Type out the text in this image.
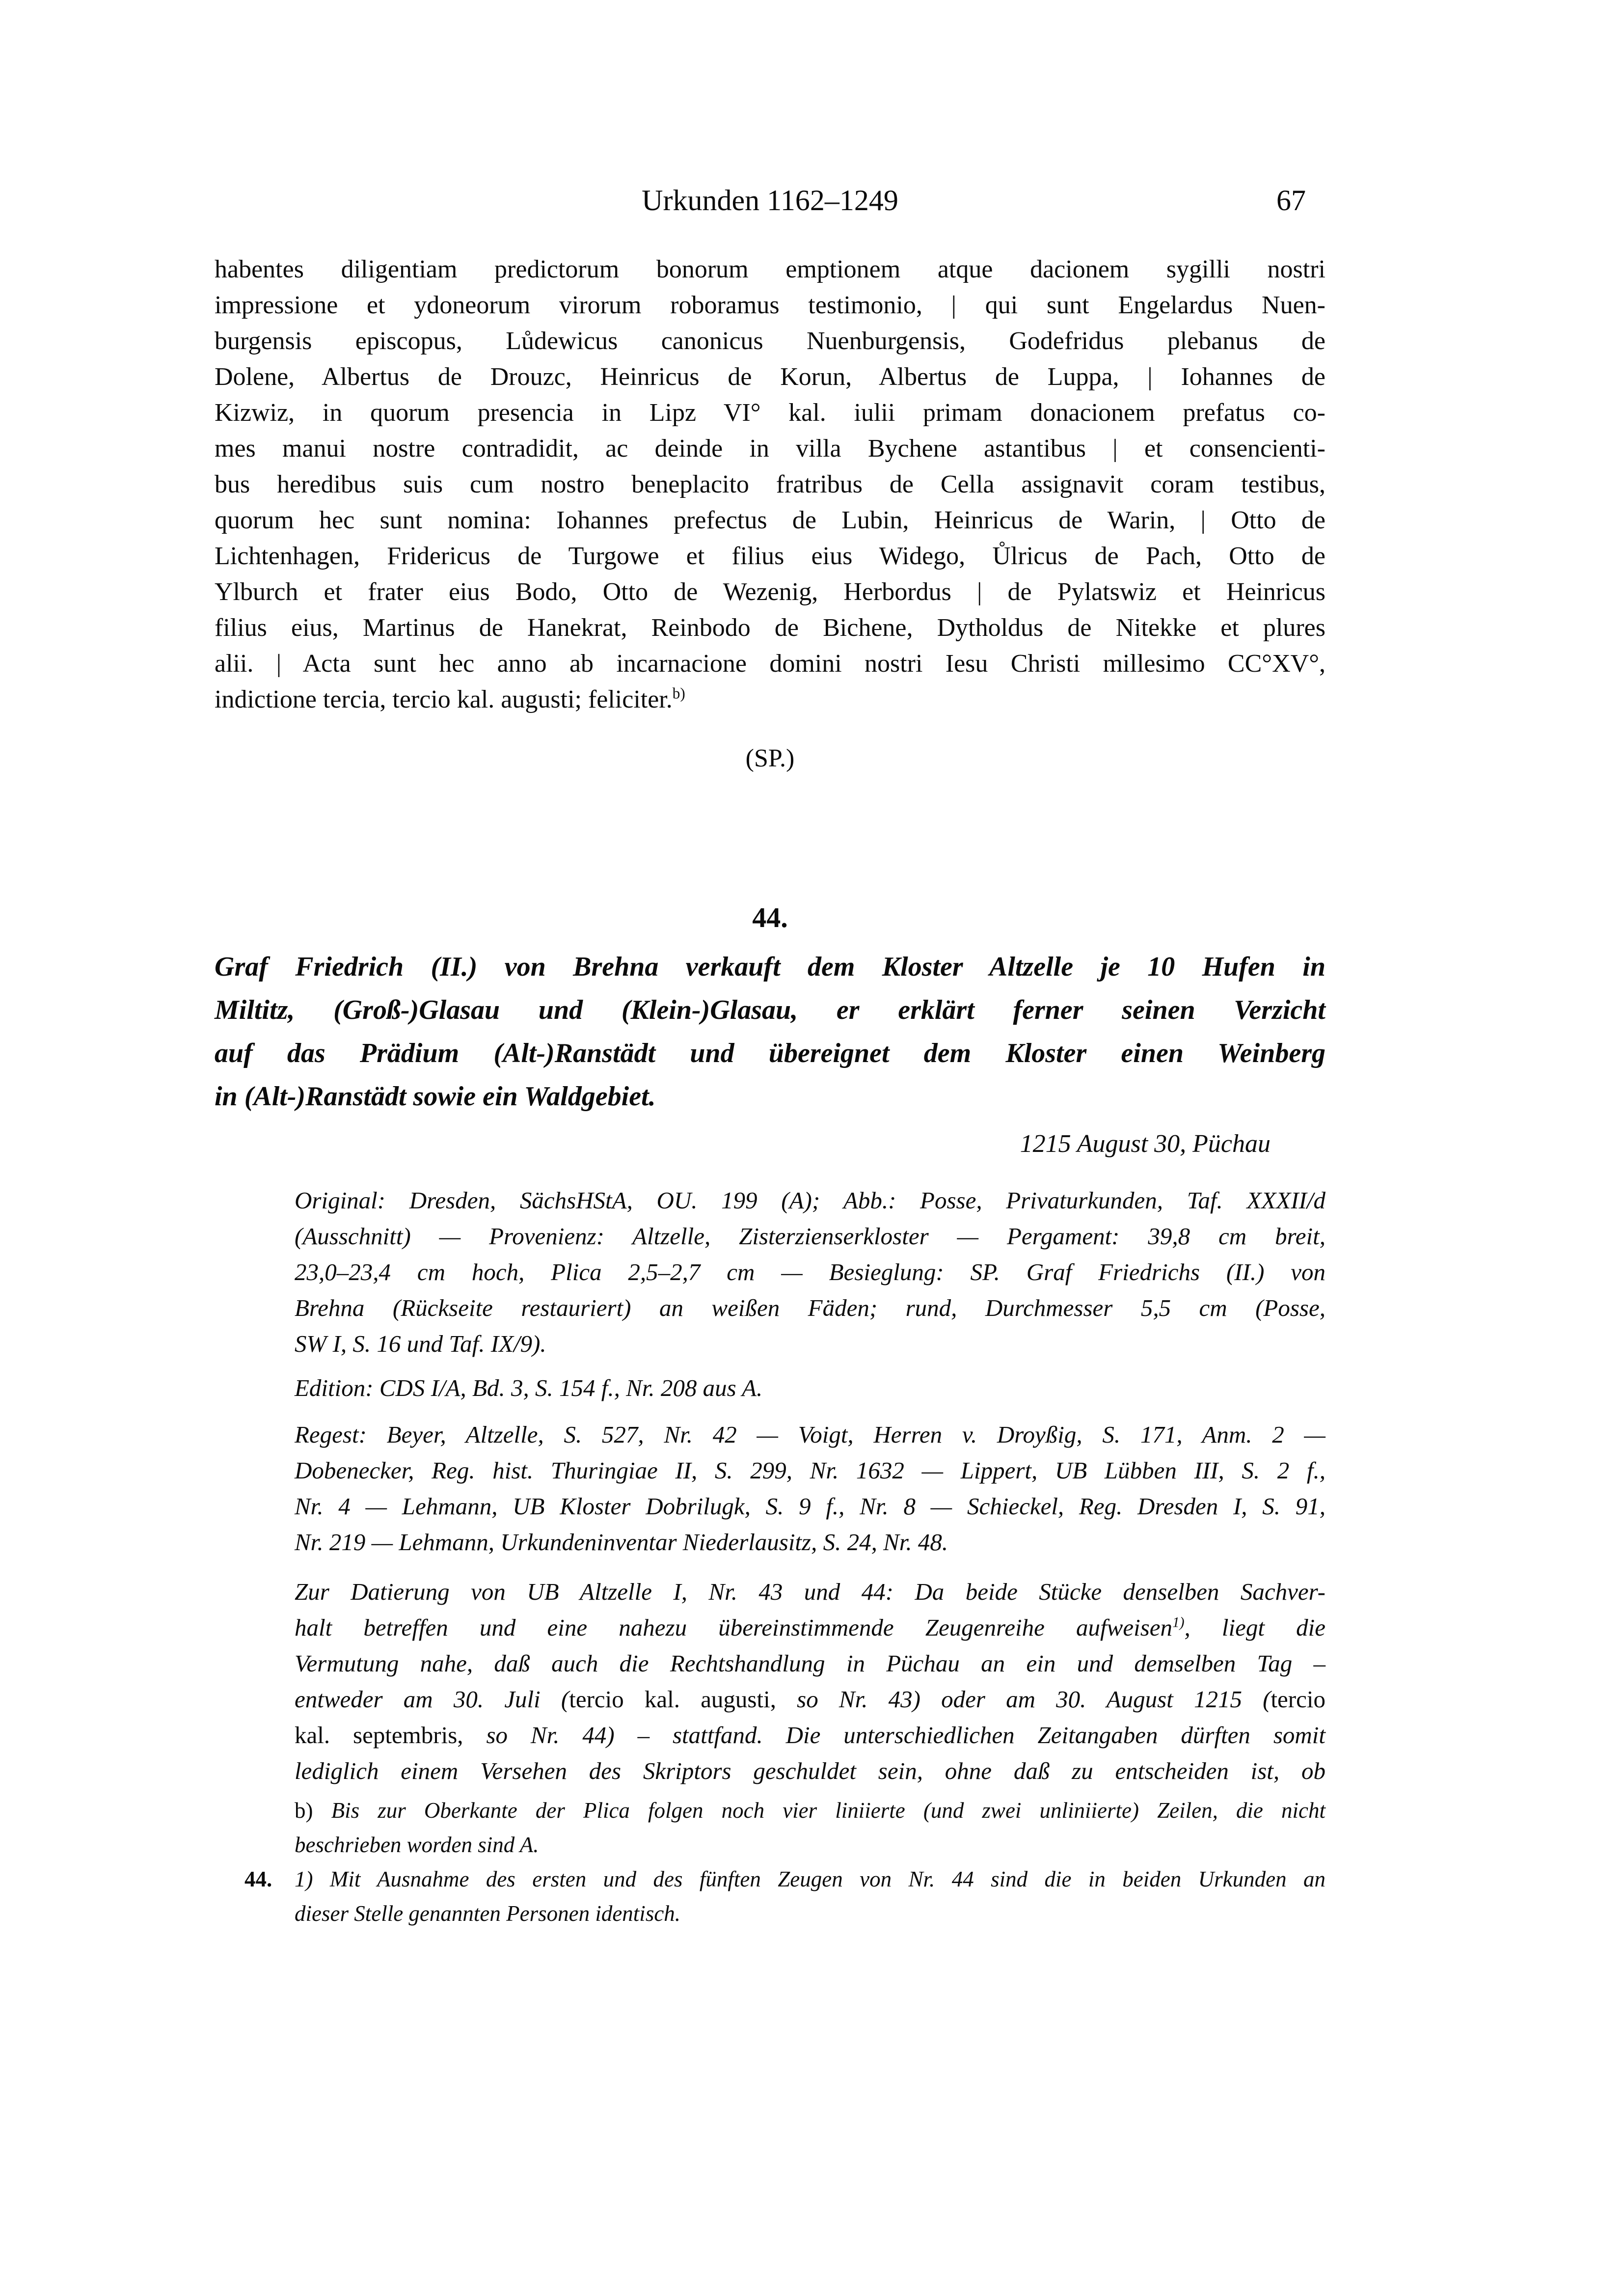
Urkunden 1162–1249	67
habentes diligentiam predictorum bonorum emptionem atque dacionem sygilli nostri
impressione et ydoneorum virorum roboramus testimonio, | qui sunt Engelardus Nuen-
burgensis episcopus, Lůdewicus canonicus Nuenburgensis, Godefridus plebanus de
Dolene, Albertus de Drouzc, Heinricus de Korun, Albertus de Luppa, | Iohannes de
Kizwiz, in quorum presencia in Lipz VI° kal. iulii primam donacionem prefatus co-
mes manui nostre contradidit, ac deinde in villa Bychene astantibus | et consencienti-
bus heredibus suis cum nostro beneplacito fratribus de Cella assignavit coram testibus,
quorum hec sunt nomina: Iohannes prefectus de Lubin, Heinricus de Warin, | Otto de
Lichtenhagen, Fridericus de Turgowe et filius eius Widego, Ůlricus de Pach, Otto de
Ylburch et frater eius Bodo, Otto de Wezenig, Herbordus | de Pylatswiz et Heinricus
filius eius, Martinus de Hanekrat, Reinbodo de Bichene, Dytholdus de Nitekke et plures
alii. | Acta sunt hec anno ab incarnacione domini nostri Iesu Christi millesimo CC°XV°,
indictione tercia, tercio kal. augusti; feliciter.$^{b)}$
(SP.)
44.
Graf Friedrich (II.) von Brehna verkauft dem Kloster Altzelle je 10 Hufen in
Miltitz, (Groß-)Glasau und (Klein-)Glasau, er erklärt ferner seinen Verzicht
auf das Prädium (Alt-)Ranstädt und übereignet dem Kloster einen Weinberg
in (Alt-)Ranstädt sowie ein Waldgebiet.
1215 August 30, Püchau
Original: Dresden, SächsHStA, OU. 199 (A); Abb.: Posse, Privaturkunden, Taf. XXXII/d
(Ausschnitt) — Provenienz: Altzelle, Zisterzienserkloster — Pergament: 39,8 cm breit,
23,0–23,4 cm hoch, Plica 2,5–2,7 cm — Besieglung: SP. Graf Friedrichs (II.) von
Brehna (Rückseite restauriert) an weißen Fäden; rund, Durchmesser 5,5 cm (Posse,
SW I, S. 16 und Taf. IX/9).
Edition: CDS I/A, Bd. 3, S. 154 f., Nr. 208 aus A.
Regest: Beyer, Altzelle, S. 527, Nr. 42 — Voigt, Herren v. Droyßig, S. 171, Anm. 2 —
Dobenecker, Reg. hist. Thuringiae II, S. 299, Nr. 1632 — Lippert, UB Lübben III, S. 2 f.,
Nr. 4 — Lehmann, UB Kloster Dobrilugk, S. 9 f., Nr. 8 — Schieckel, Reg. Dresden I, S. 91,
Nr. 219 — Lehmann, Urkundeninventar Niederlausitz, S. 24, Nr. 48.
Zur Datierung von UB Altzelle I, Nr. 43 und 44: Da beide Stücke denselben Sachver-
halt betreffen und eine nahezu übereinstimmende Zeugenreihe aufweisen$^{1)}$, liegt die
Vermutung nahe, daß auch die Rechtshandlung in Püchau an ein und demselben Tag –
entweder am 30. Juli (tercio kal. augusti, so Nr. 43) oder am 30. August 1215 (tercio
kal. septembris, so Nr. 44) – stattfand. Die unterschiedlichen Zeitangaben dürften somit
lediglich einem Versehen des Skriptors geschuldet sein, ohne daß zu entscheiden ist, ob
b) Bis zur Oberkante der Plica folgen noch vier liniierte (und zwei unliniierte) Zeilen, die nicht
beschrieben worden sind A.
44. 1) Mit Ausnahme des ersten und des fünften Zeugen von Nr. 44 sind die in beiden Urkunden an
dieser Stelle genannten Personen identisch.
